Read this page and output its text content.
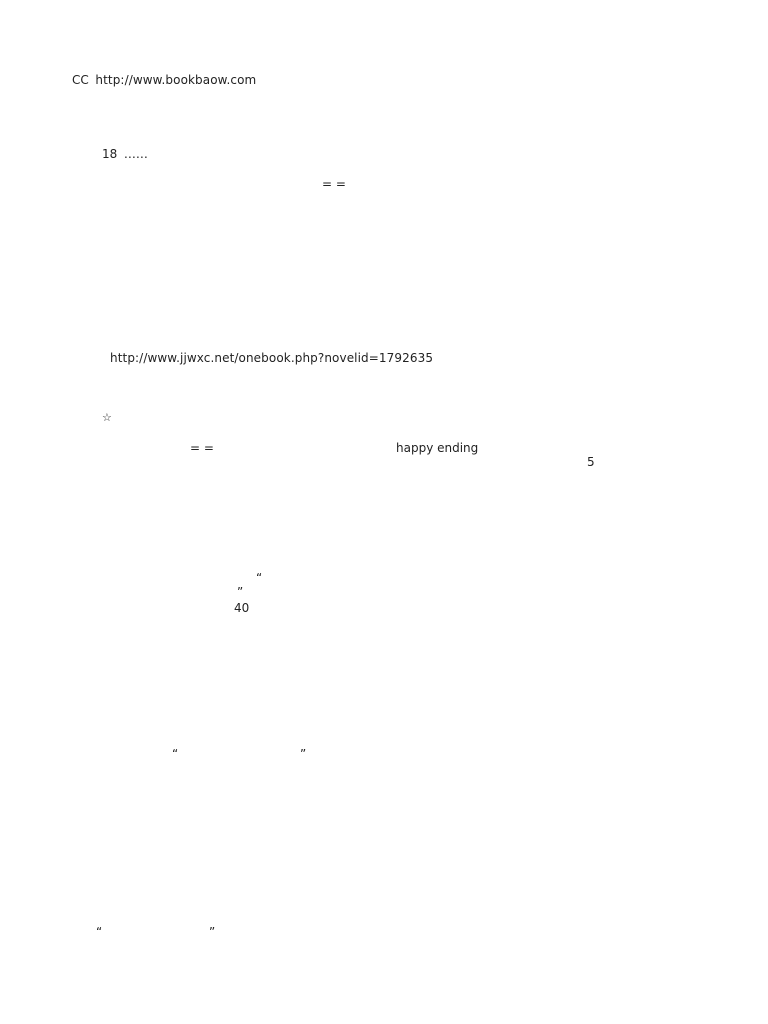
CC http://www.bookbaow.com
18 ……
= =
http://www.jjwxc.net/onebook.php?novelid=1792635
☆
= =	happy ending
5
“
”
40
“	”
“	”
